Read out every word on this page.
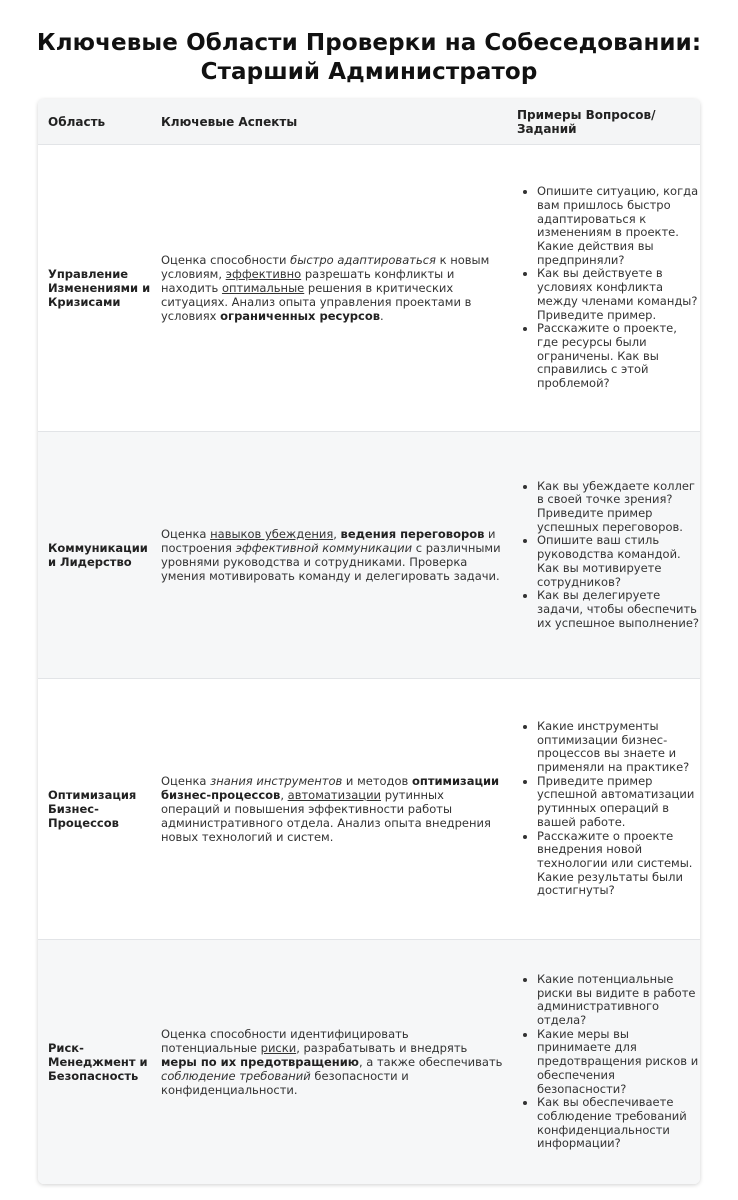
Ключевые Области Проверки на Собеседовании:
Старший Администратор
Область	Ключевые Аспекты	Примеры Вопросов/ Заданий
Управление Изменениями и Кризисами
Оценка способности быстро адаптироваться к новым условиям, эффективно разрешать конфликты и находить оптимальные решения в критических ситуациях. Анализ опыта управления проектами в условиях ограниченных ресурсов.
• Опишите ситуацию, когда вам пришлось быстро адаптироваться к изменениям в проекте. Какие действия вы предприняли?
• Как вы действуете в условиях конфликта между членами команды? Приведите пример.
• Расскажите о проекте, где ресурсы были ограничены. Как вы справились с этой проблемой?
Коммуникации и Лидерство
Оценка навыков убеждения, ведения переговоров и построения эффективной коммуникации с различными уровнями руководства и сотрудниками. Проверка умения мотивировать команду и делегировать задачи.
• Как вы убеждаете коллег в своей точке зрения? Приведите пример успешных переговоров.
• Опишите ваш стиль руководства командой. Как вы мотивируете сотрудников?
• Как вы делегируете задачи, чтобы обеспечить их успешное выполнение?
Оптимизация Бизнес-Процессов
Оценка знания инструментов и методов оптимизации бизнес-процессов, автоматизации рутинных операций и повышения эффективности работы административного отдела. Анализ опыта внедрения новых технологий и систем.
• Какие инструменты оптимизации бизнес-процессов вы знаете и применяли на практике?
• Приведите пример успешной автоматизации рутинных операций в вашей работе.
• Расскажите о проекте внедрения новой технологии или системы. Какие результаты были достигнуты?
Риск-Менеджмент и Безопасность
Оценка способности идентифицировать потенциальные риски, разрабатывать и внедрять меры по их предотвращению, а также обеспечивать соблюдение требований безопасности и конфиденциальности.
• Какие потенциальные риски вы видите в работе административного отдела?
• Какие меры вы принимаете для предотвращения рисков и обеспечения безопасности?
• Как вы обеспечиваете соблюдение требований конфиденциальности информации?
